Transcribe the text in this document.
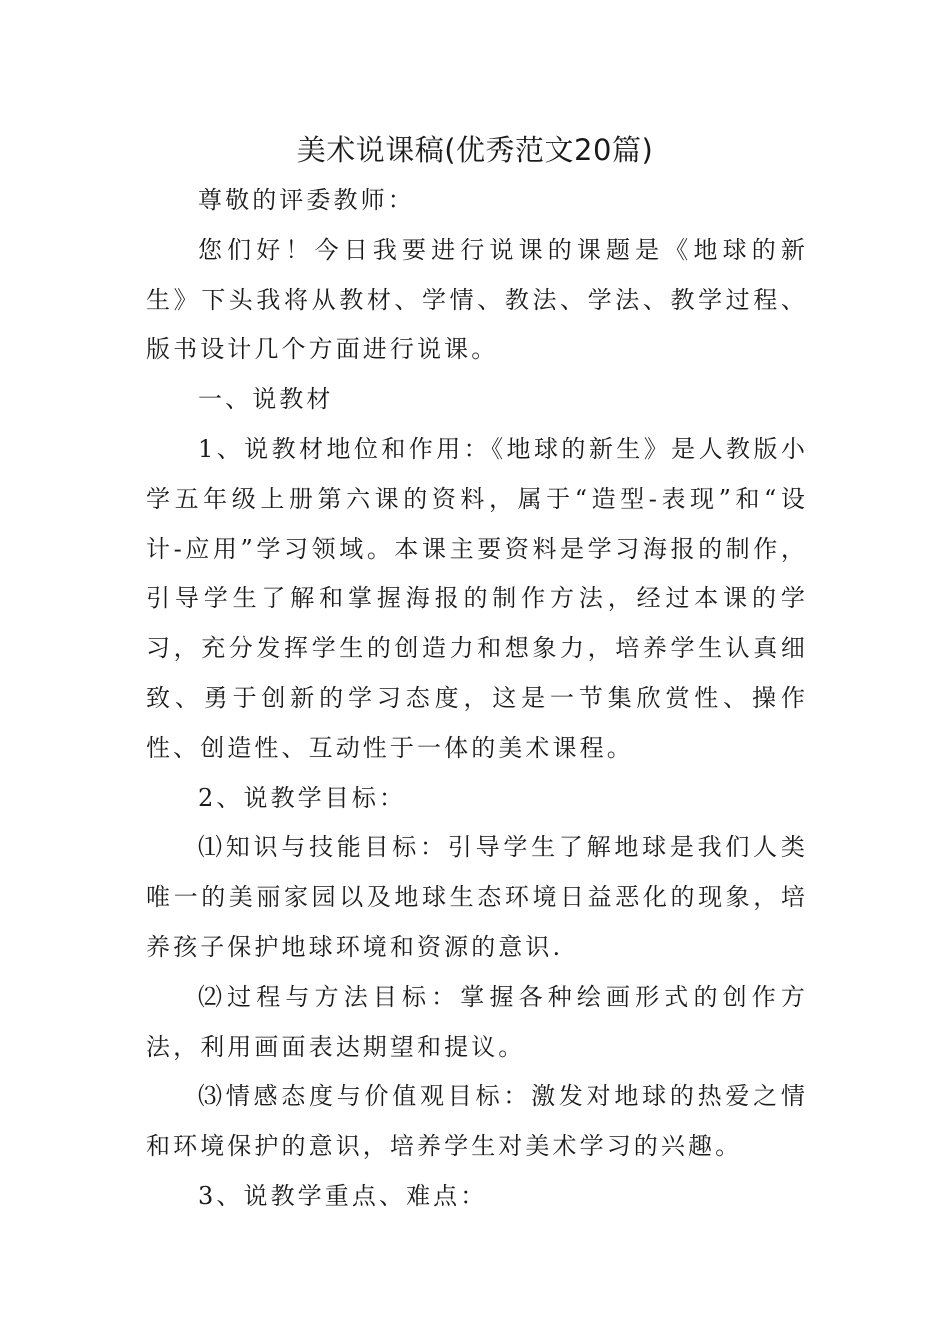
美术说课稿(优秀范文20篇)

尊敬的评委教师：

您们好！今日我要进行说课的课题是《地球的新生》下头我将从教材、学情、教法、学法、教学过程、版书设计几个方面进行说课。

一、说教材

1、说教材地位和作用：《地球的新生》是人教版小学五年级上册第六课的资料，属于“造型-表现”和“设计-应用”学习领域。本课主要资料是学习海报的制作，引导学生了解和掌握海报的制作方法，经过本课的学习，充分发挥学生的创造力和想象力，培养学生认真细致、勇于创新的学习态度，这是一节集欣赏性、操作性、创造性、互动性于一体的美术课程。

2、说教学目标：

⑴知识与技能目标：引导学生了解地球是我们人类唯一的美丽家园以及地球生态环境日益恶化的现象，培养孩子保护地球环境和资源的意识.

⑵过程与方法目标：掌握各种绘画形式的创作方法，利用画面表达期望和提议。

⑶情感态度与价值观目标：激发对地球的热爱之情和环境保护的意识，培养学生对美术学习的兴趣。

3、说教学重点、难点：
